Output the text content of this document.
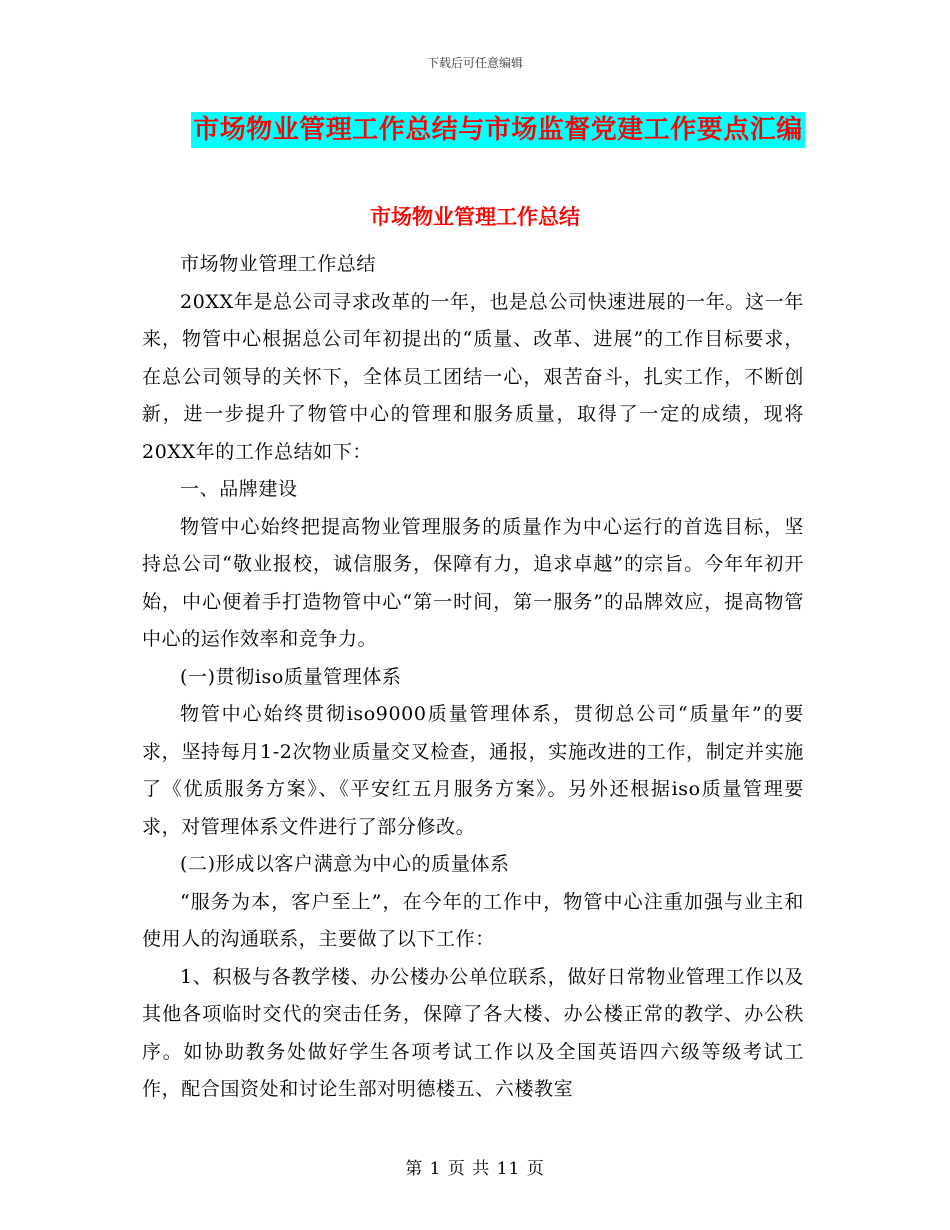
下载后可任意编辑
市场物业管理工作总结与市场监督党建工作要点汇编
市场物业管理工作总结

市场物业管理工作总结

20XX年是总公司寻求改革的一年，也是总公司快速进展的一年。这一年来，物管中心根据总公司年初提出的“质量、改革、进展”的工作目标要求，在总公司领导的关怀下，全体员工团结一心，艰苦奋斗，扎实工作，不断创新，进一步提升了物管中心的管理和服务质量，取得了一定的成绩，现将20XX年的工作总结如下：

一、品牌建设

物管中心始终把提高物业管理服务的质量作为中心运行的首选目标，坚持总公司“敬业报校，诚信服务，保障有力，追求卓越”的宗旨。今年年初开始，中心便着手打造物管中心“第一时间，第一服务”的品牌效应，提高物管中心的运作效率和竞争力。

(一)贯彻iso质量管理体系

物管中心始终贯彻iso9000质量管理体系，贯彻总公司“质量年”的要求，坚持每月1-2次物业质量交叉检查，通报，实施改进的工作，制定并实施了《优质服务方案》、《平安红五月服务方案》。另外还根据iso质量管理要求，对管理体系文件进行了部分修改。

(二)形成以客户满意为中心的质量体系

“服务为本，客户至上”，在今年的工作中，物管中心注重加强与业主和使用人的沟通联系，主要做了以下工作：

1、积极与各教学楼、办公楼办公单位联系，做好日常物业管理工作以及其他各项临时交代的突击任务，保障了各大楼、办公楼正常的教学、办公秩序。如协助教务处做好学生各项考试工作以及全国英语四六级等级考试工作，配合国资处和讨论生部对明德楼五、六楼教室

第 1 页 共 11 页
